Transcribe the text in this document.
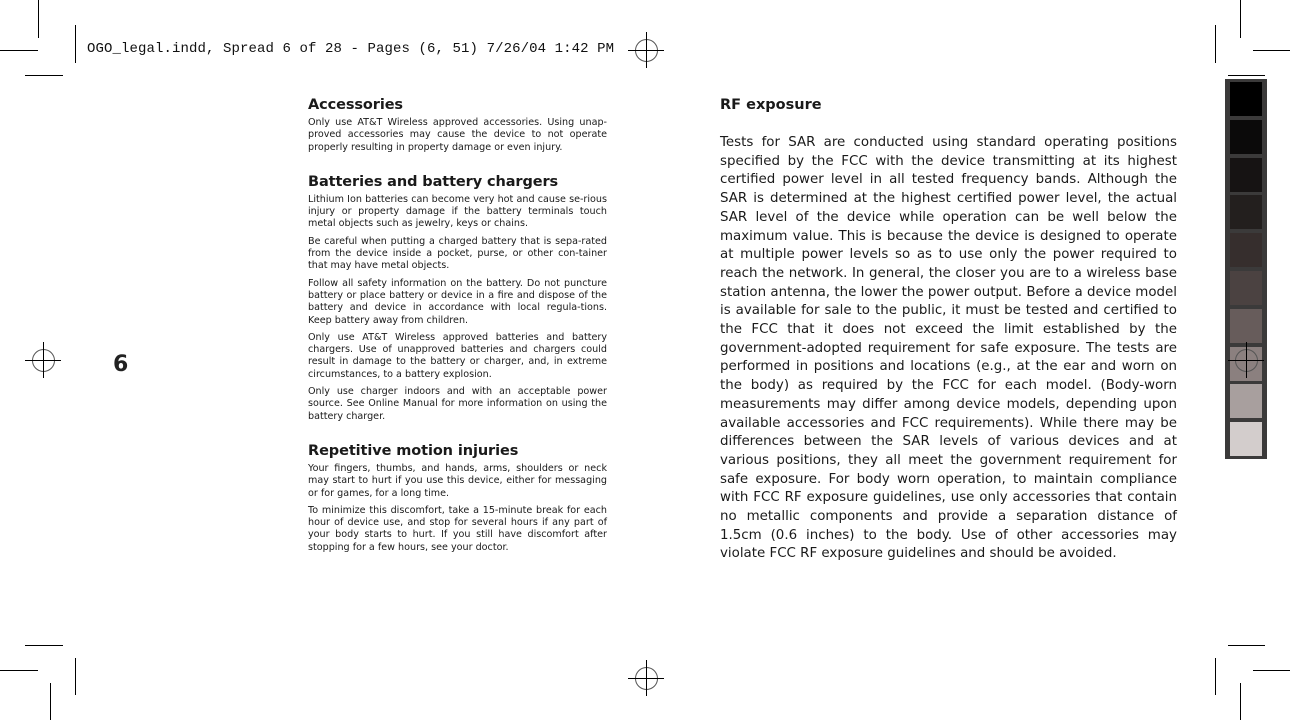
OGO_legal.indd, Spread 6 of 28 - Pages (6, 51) 7/26/04 1:42 PM
6
Accessories

Only use AT&T Wireless approved accessories. Using unap-proved accessories may cause the device to not operate properly resulting in property damage or even injury.

Batteries and battery chargers

Lithium Ion batteries can become very hot and cause se-rious injury or property damage if the battery terminals touch metal objects such as jewelry, keys or chains.

Be careful when putting a charged battery that is sepa-rated from the device inside a pocket, purse, or other con-tainer that may have metal objects.

Follow all safety information on the battery. Do not puncture battery or place battery or device in a fire and dispose of the battery and device in accordance with local regula-tions. Keep battery away from children.

Only use AT&T Wireless approved batteries and battery chargers. Use of unapproved batteries and chargers could result in damage to the battery or charger, and, in extreme circumstances, to a battery explosion.

Only use charger indoors and with an acceptable power source. See Online Manual for more information on using the battery charger.

Repetitive motion injuries

Your fingers, thumbs, and hands, arms, shoulders or neck may start to hurt if you use this device, either for messaging or for games, for a long time.

To minimize this discomfort, take a 15-minute break for each hour of device use, and stop for several hours if any part of your body starts to hurt. If you still have discomfort after stopping for a few hours, see your doctor.

RF exposure

Tests for SAR are conducted using standard operating positions specified by the FCC with the device transmitting at its highest certified power level in all tested frequency bands. Although the SAR is determined at the highest certified power level, the actual SAR level of the device while operation can be well below the maximum value. This is because the device is designed to operate at multiple power levels so as to use only the power required to reach the network. In general, the closer you are to a wireless base station antenna, the lower the power output. Before a device model is available for sale to the public, it must be tested and certified to the FCC that it does not exceed the limit established by the government-adopted requirement for safe exposure. The tests are performed in positions and locations (e.g., at the ear and worn on the body) as required by the FCC for each model. (Body-worn measurements may differ among device models, depending upon available accessories and FCC requirements). While there may be differences between the SAR levels of various devices and at various positions, they all meet the government requirement for safe exposure. For body worn operation, to maintain compliance with FCC RF exposure guidelines, use only accessories that contain no metallic components and provide a separation distance of 1.5cm (0.6 inches) to the body. Use of other accessories may violate FCC RF exposure guidelines and should be avoided.
